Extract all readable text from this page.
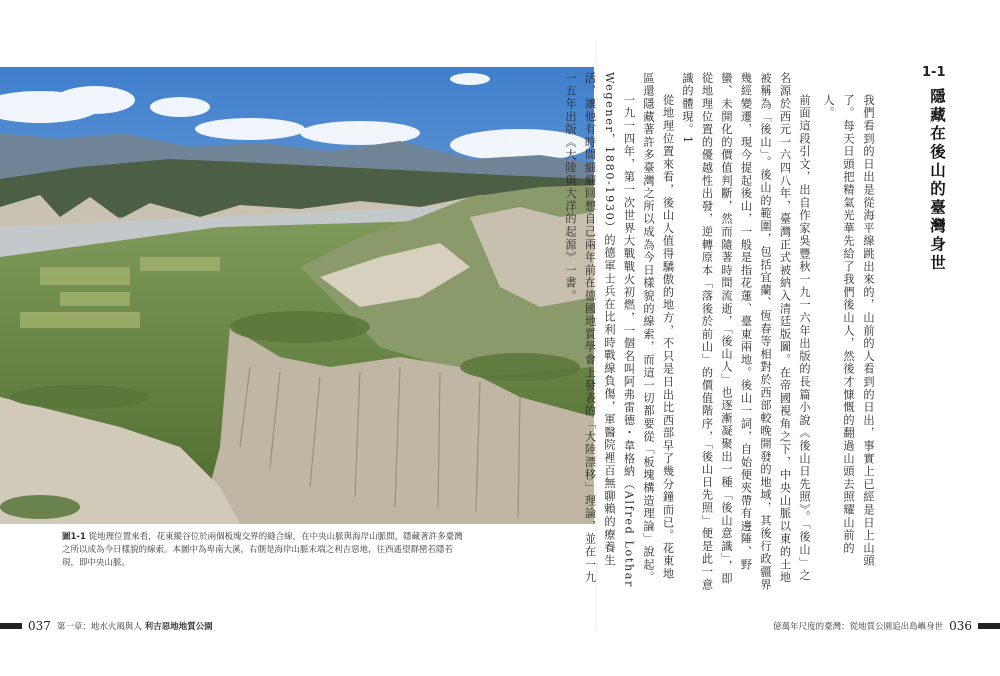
圖1-1 從地理位置來看，花東縱谷位於兩個板塊交界的縫合線，在中央山脈與海岸山脈間，隱藏著許多臺灣之所以成為今日樣貌的線索。本圖中為卑南大溪，右側是海岸山脈末端之利吉惡地，往西遙望群巒若隱若現，即中央山脈。
1-1
隱藏在後山的臺灣身世
我們看到的日出是從海平線跳出來的，山前的人看到的日出，事實上已經是日上山頭了。每天日頭把精氣光華先給了我們後山人，然後才慷慨的翻過山頭去照耀山前的人。

前面這段引文，出自作家吳豐秋一九一六年出版的長篇小說《後山日先照》。「後山」之名源於西元一六四八年，臺灣正式被納入清廷版圖。在帝國視角之下，中央山脈以東的土地被稱為「後山」。後山的範圍，包括宜蘭、恆春等相對於西部較晚開發的地域，其後行政疆界幾經變遷，現今提起後山，一般是指花蓮、臺東兩地。後山一詞，自始便夾帶有邊陲、野蠻、未開化的價值判斷，然而隨著時間流逝，「後山人」也逐漸凝聚出一種「後山意識」，即從地理位置的優越性出發，逆轉原本「落後於前山」的價值階序，「後山日先照」便是此一意識的體現。1

從地理位置來看，後山人值得驕傲的地方，不只是日出比西部早了幾分鐘而已。花東地區還隱藏著許多臺灣之所以成為今日樣貌的線索，而這一切都要從「板塊構造理論」說起。

一九一四年，第一次世界大戰戰火初燃，一個名叫阿弗雷德・韋格納（Alfred Lothar Wegener，1880-1930）的德軍士兵在比利時戰線負傷，軍醫院裡百無聊賴的療養生活，讓他有時間細細回想自己兩年前在德國地質學會上發表的「大陸漂移」理論，並在一九一五年出版《大陸與大洋的起源》一書。

037 第一章：地水火風與人 利吉惡地地質公園	億萬年尺度的臺灣：從地質公園追出島嶼身世 036
